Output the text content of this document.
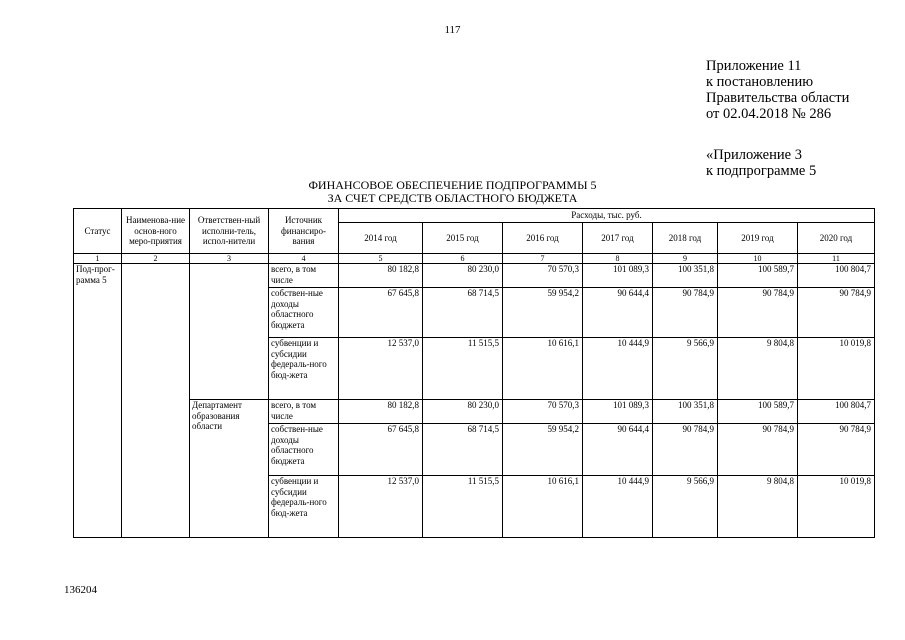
117
Приложение 11
к постановлению
Правительства области
от 02.04.2018 № 286
«Приложение 3
к подпрограмме 5
ФИНАНСОВОЕ ОБЕСПЕЧЕНИЕ ПОДПРОГРАММЫ 5
ЗА СЧЕТ СРЕДСТВ ОБЛАСТНОГО БЮДЖЕТА
Статус	Наименова-ние основ-ного меро-приятия	Ответствен-ный исполни-тель, испол-нители	Источник финансиро-вания	Расходы, тыс. руб.						
				2014 год	2015 год	2016 год	2017 год	2018 год	2019 год	2020 год
1	2	3	4	5	6	7	8	9	10	11
Под-прог-рамма 5			всего, в том числе	80 182,8	80 230,0	70 570,3	101 089,3	100 351,8	100 589,7	100 804,7
			собствен-ные доходы областного бюджета	67 645,8	68 714,5	59 954,2	90 644,4	90 784,9	90 784,9	90 784,9
			субвенции и субсидии федераль-ного бюд-жета	12 537,0	11 515,5	10 616,1	10 444,9	9 566,9	9 804,8	10 019,8
		Департамент образования области	всего, в том числе	80 182,8	80 230,0	70 570,3	101 089,3	100 351,8	100 589,7	100 804,7
			собствен-ные доходы областного бюджета	67 645,8	68 714,5	59 954,2	90 644,4	90 784,9	90 784,9	90 784,9
			субвенции и субсидии федераль-ного бюд-жета	12 537,0	11 515,5	10 616,1	10 444,9	9 566,9	9 804,8	10 019,8
136204
